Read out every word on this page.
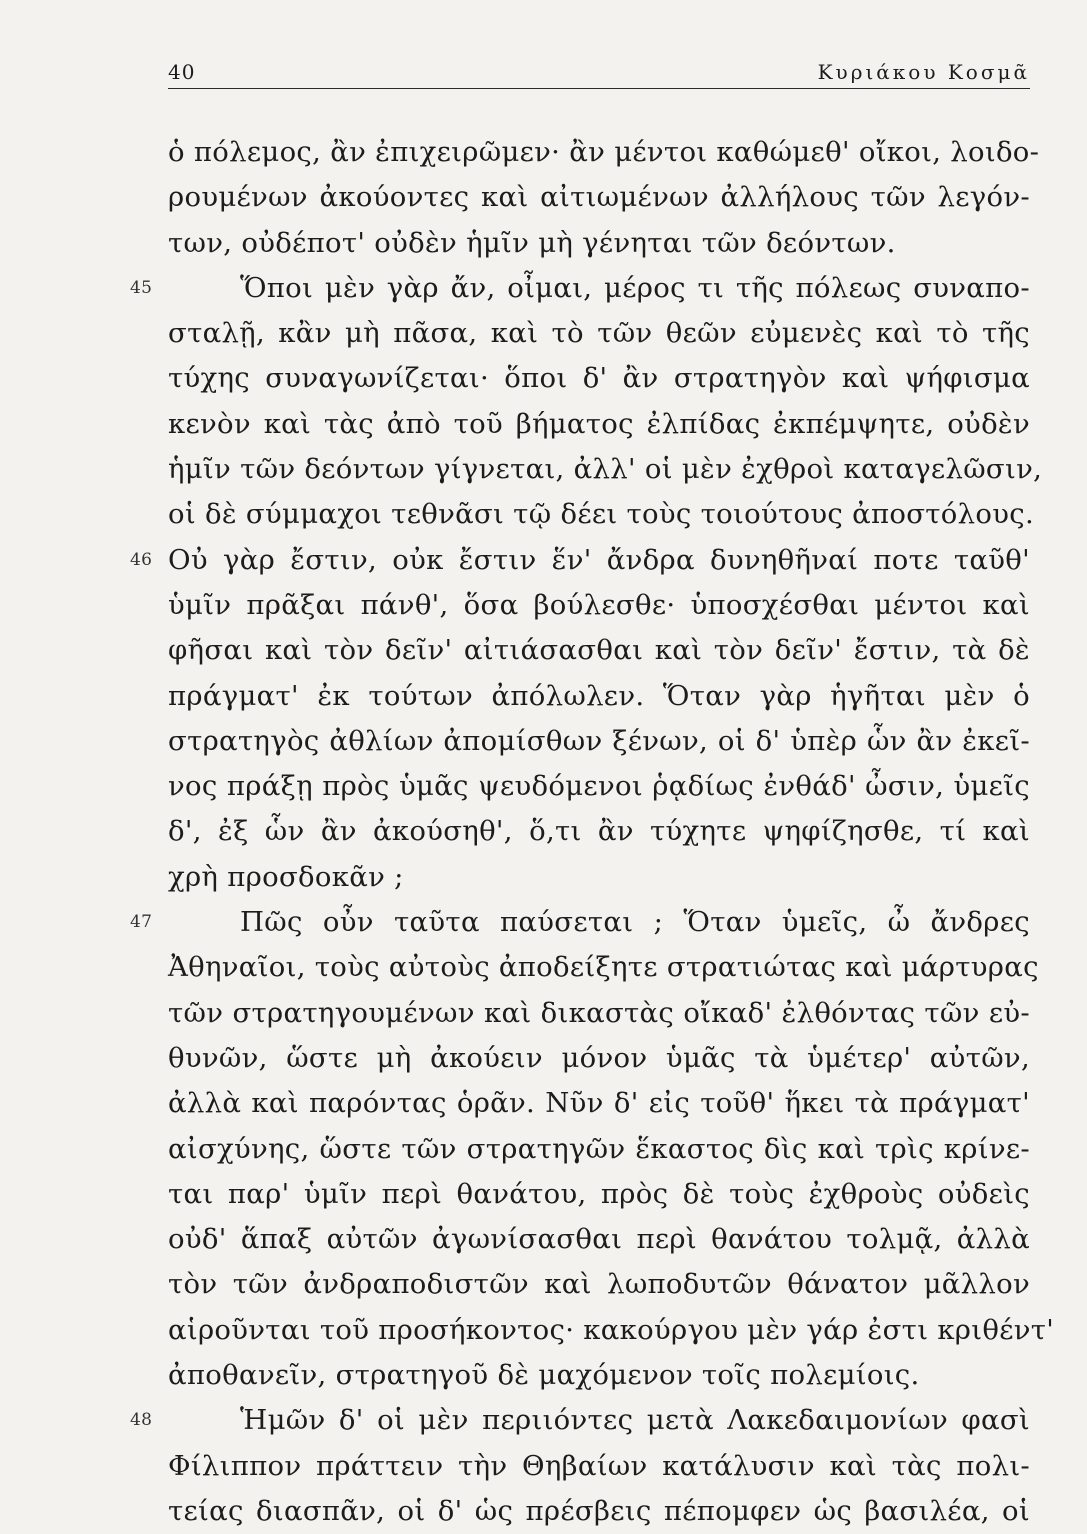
40	Κυριάκου Κοσμᾶ
ὁ πόλεμος, ἂν ἐπιχειρῶμεν· ἂν μέντοι καθώμεθ' οἴκοι, λοιδο-
ρουμένων ἀκούοντες καὶ αἰτιωμένων ἀλλήλους τῶν λεγόν-
των, οὐδέποτ' οὐδὲν ἡμῖν μὴ γένηται τῶν δεόντων.
45	Ὅποι μὲν γὰρ ἄν, οἶμαι, μέρος τι τῆς πόλεως συναπο-
σταλῇ, κἂν μὴ πᾶσα, καὶ τὸ τῶν θεῶν εὐμενὲς καὶ τὸ τῆς
τύχης συναγωνίζεται· ὅποι δ' ἂν στρατηγὸν καὶ ψήφισμα
κενὸν καὶ τὰς ἀπὸ τοῦ βήματος ἐλπίδας ἐκπέμψητε, οὐδὲν
ἡμῖν τῶν δεόντων γίγνεται, ἀλλ' οἱ μὲν ἐχθροὶ καταγελῶσιν,
οἱ δὲ σύμμαχοι τεθνᾶσι τῷ δέει τοὺς τοιούτους ἀποστόλους.
46 Οὐ γὰρ ἔστιν, οὐκ ἔστιν ἕν' ἄνδρα δυνηθῆναί ποτε ταῦθ'
ὑμῖν πρᾶξαι πάνθ', ὅσα βούλεσθε· ὑποσχέσθαι μέντοι καὶ
φῆσαι καὶ τὸν δεῖν' αἰτιάσασθαι καὶ τὸν δεῖν' ἔστιν, τὰ δὲ
πράγματ' ἐκ τούτων ἀπόλωλεν. Ὅταν γὰρ ἡγῆται μὲν ὁ
στρατηγὸς ἀθλίων ἀπομίσθων ξένων, οἱ δ' ὑπὲρ ὧν ἂν ἐκεῖ-
νος πράξῃ πρὸς ὑμᾶς ψευδόμενοι ῥᾳδίως ἐνθάδ' ὦσιν, ὑμεῖς
δ', ἐξ ὧν ἂν ἀκούσηθ', ὅ,τι ἂν τύχητε ψηφίζησθε, τί καὶ
χρὴ προσδοκᾶν ;
47	Πῶς οὖν ταῦτα παύσεται ; Ὅταν ὑμεῖς, ὦ ἄνδρες
Ἀθηναῖοι, τοὺς αὐτοὺς ἀποδείξητε στρατιώτας καὶ μάρτυρας
τῶν στρατηγουμένων καὶ δικαστὰς οἴκαδ' ἐλθόντας τῶν εὐ-
θυνῶν, ὥστε μὴ ἀκούειν μόνον ὑμᾶς τὰ ὑμέτερ' αὐτῶν,
ἀλλὰ καὶ παρόντας ὁρᾶν. Νῦν δ' εἰς τοῦθ' ἥκει τὰ πράγματ'
αἰσχύνης, ὥστε τῶν στρατηγῶν ἕκαστος δὶς καὶ τρὶς κρίνε-
ται παρ' ὑμῖν περὶ θανάτου, πρὸς δὲ τοὺς ἐχθροὺς οὐδεὶς
οὐδ' ἅπαξ αὐτῶν ἀγωνίσασθαι περὶ θανάτου τολμᾷ, ἀλλὰ
τὸν τῶν ἀνδραποδιστῶν καὶ λωποδυτῶν θάνατον μᾶλλον
αἱροῦνται τοῦ προσήκοντος· κακούργου μὲν γάρ ἐστι κριθέντ'
ἀποθανεῖν, στρατηγοῦ δὲ μαχόμενον τοῖς πολεμίοις.
48	Ἡμῶν δ' οἱ μὲν περιιόντες μετὰ Λακεδαιμονίων φασὶ
Φίλιππον πράττειν τὴν Θηβαίων κατάλυσιν καὶ τὰς πολι-
τείας διασπᾶν, οἱ δ' ὡς πρέσβεις πέπομφεν ὡς βασιλέα, οἱ
